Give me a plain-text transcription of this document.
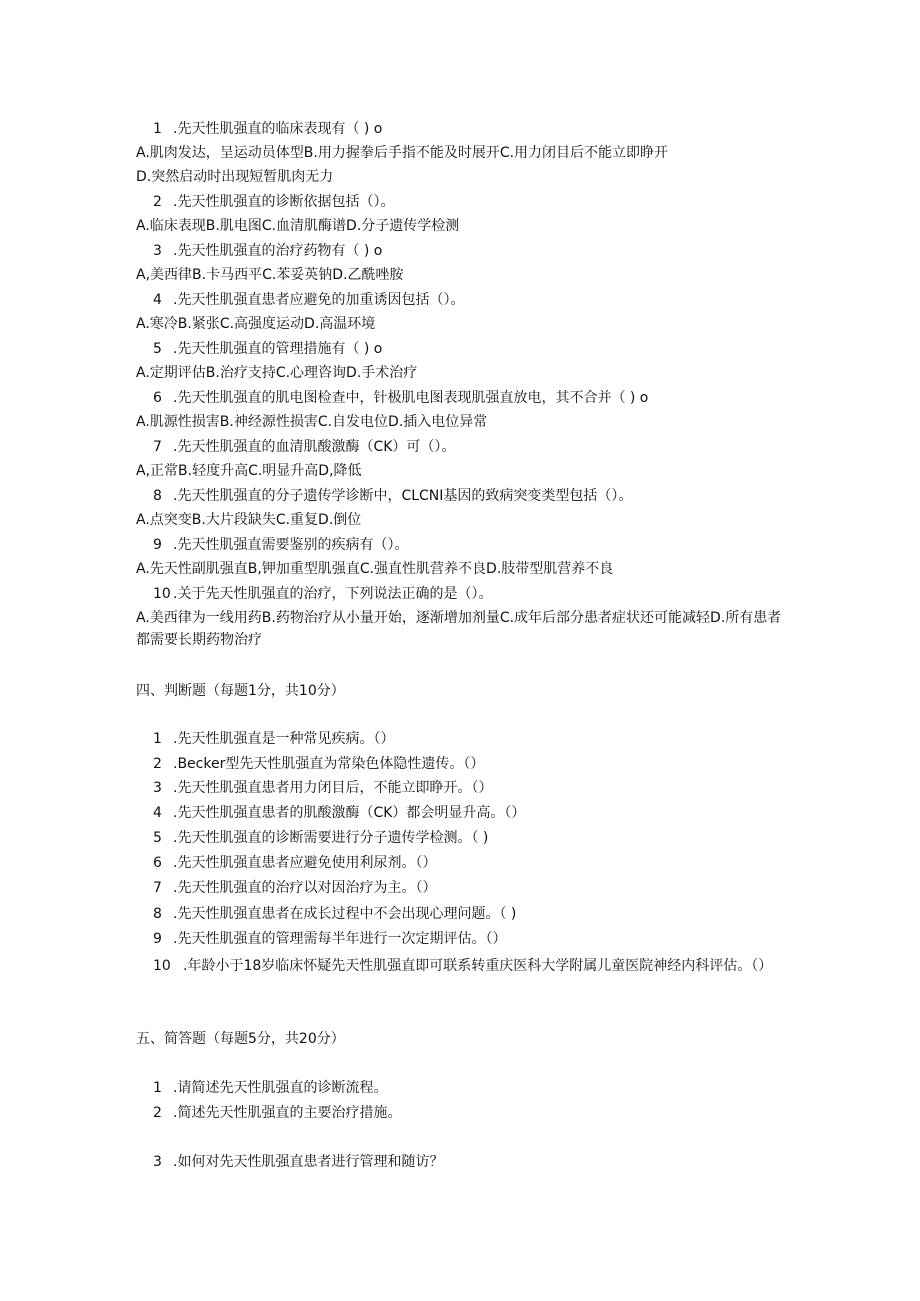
1 .先天性肌强直的临床表现有（ ) o
A.肌肉发达，呈运动员体型B.用力握拳后手指不能及时展开C.用力闭目后不能立即睁开
D.突然启动时出现短暂肌肉无力
2 .先天性肌强直的诊断依据包括（）。
A.临床表现B.肌电图C.血清肌酶谱D.分子遗传学检测
3 .先天性肌强直的治疗药物有（ ) o
A,美西律B.卡马西平C.苯妥英钠D.乙酰唑胺
4 .先天性肌强直患者应避免的加重诱因包括（）。
A.寒冷B.紧张C.高强度运动D.高温环境
5 .先天性肌强直的管理措施有（ ) o
A.定期评估B.治疗支持C.心理咨询D.手术治疗
6 .先天性肌强直的肌电图检查中，针极肌电图表现肌强直放电，其不合并（ ) o
A.肌源性损害B.神经源性损害C.自发电位D.插入电位异常
7 .先天性肌强直的血清肌酸激酶（CK）可（）。
A,正常B.轻度升高C.明显升高D,降低
8 .先天性肌强直的分子遗传学诊断中，CLCNI基因的致病突变类型包括（）。
A.点突变B.大片段缺失C.重复D.倒位
9 .先天性肌强直需要鉴别的疾病有（）。
A.先天性副肌强直B,钾加重型肌强直C.强直性肌营养不良D.肢带型肌营养不良
10 .关于先天性肌强直的治疗，下列说法正确的是（）。
A.美西律为一线用药B.药物治疗从小量开始，逐渐增加剂量C.成年后部分患者症状还可能减轻D.所有患者都需要长期药物治疗
四、判断题（每题1分，共10分）
1 .先天性肌强直是一种常见疾病。（）
2 .Becker型先天性肌强直为常染色体隐性遗传。（）
3 .先天性肌强直患者用力闭目后，不能立即睁开。（）
4 .先天性肌强直患者的肌酸激酶（CK）都会明显升高。（）
5 .先天性肌强直的诊断需要进行分子遗传学检测。（ )
6 .先天性肌强直患者应避免使用利尿剂。（）
7 .先天性肌强直的治疗以对因治疗为主。（）
8 .先天性肌强直患者在成长过程中不会出现心理问题。（ )
9 .先天性肌强直的管理需每半年进行一次定期评估。（）
10 .年龄小于18岁临床怀疑先天性肌强直即可联系转重庆医科大学附属儿童医院神经内科评估。（）
五、简答题（每题5分，共20分）
1 .请简述先天性肌强直的诊断流程。
2 .简述先天性肌强直的主要治疗措施。
3 .如何对先天性肌强直患者进行管理和随访？
